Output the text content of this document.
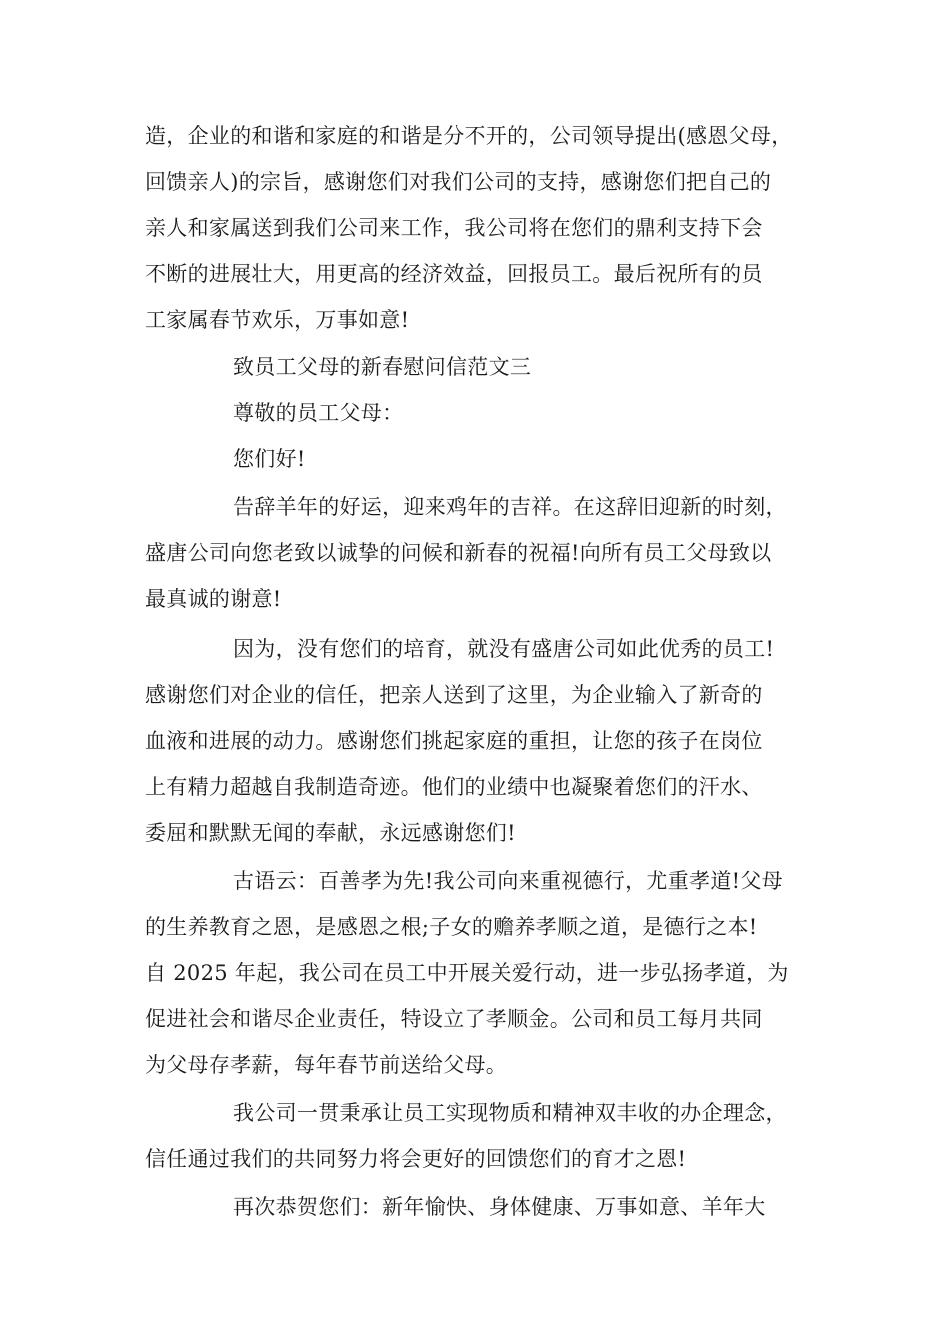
造，企业的和谐和家庭的和谐是分不开的，公司领导提出(感恩父母，
回馈亲人)的宗旨，感谢您们对我们公司的支持，感谢您们把自己的
亲人和家属送到我们公司来工作，我公司将在您们的鼎利支持下会
不断的进展壮大，用更高的经济效益，回报员工。最后祝所有的员
工家属春节欢乐，万事如意!
致员工父母的新春慰问信范文三
尊敬的员工父母：
您们好!
告辞羊年的好运，迎来鸡年的吉祥。在这辞旧迎新的时刻，
盛唐公司向您老致以诚挚的问候和新春的祝福!向所有员工父母致以
最真诚的谢意!
因为，没有您们的培育，就没有盛唐公司如此优秀的员工!
感谢您们对企业的信任，把亲人送到了这里，为企业输入了新奇的
血液和进展的动力。感谢您们挑起家庭的重担，让您的孩子在岗位
上有精力超越自我制造奇迹。他们的业绩中也凝聚着您们的汗水、
委屈和默默无闻的奉献，永远感谢您们!
古语云：百善孝为先!我公司向来重视德行，尤重孝道!父母
的生养教育之恩，是感恩之根;子女的赡养孝顺之道，是德行之本!
自 2025 年起，我公司在员工中开展关爱行动，进一步弘扬孝道，为
促进社会和谐尽企业责任，特设立了孝顺金。公司和员工每月共同
为父母存孝薪，每年春节前送给父母。
我公司一贯秉承让员工实现物质和精神双丰收的办企理念，
信任通过我们的共同努力将会更好的回馈您们的育才之恩!
再次恭贺您们：新年愉快、身体健康、万事如意、羊年大
